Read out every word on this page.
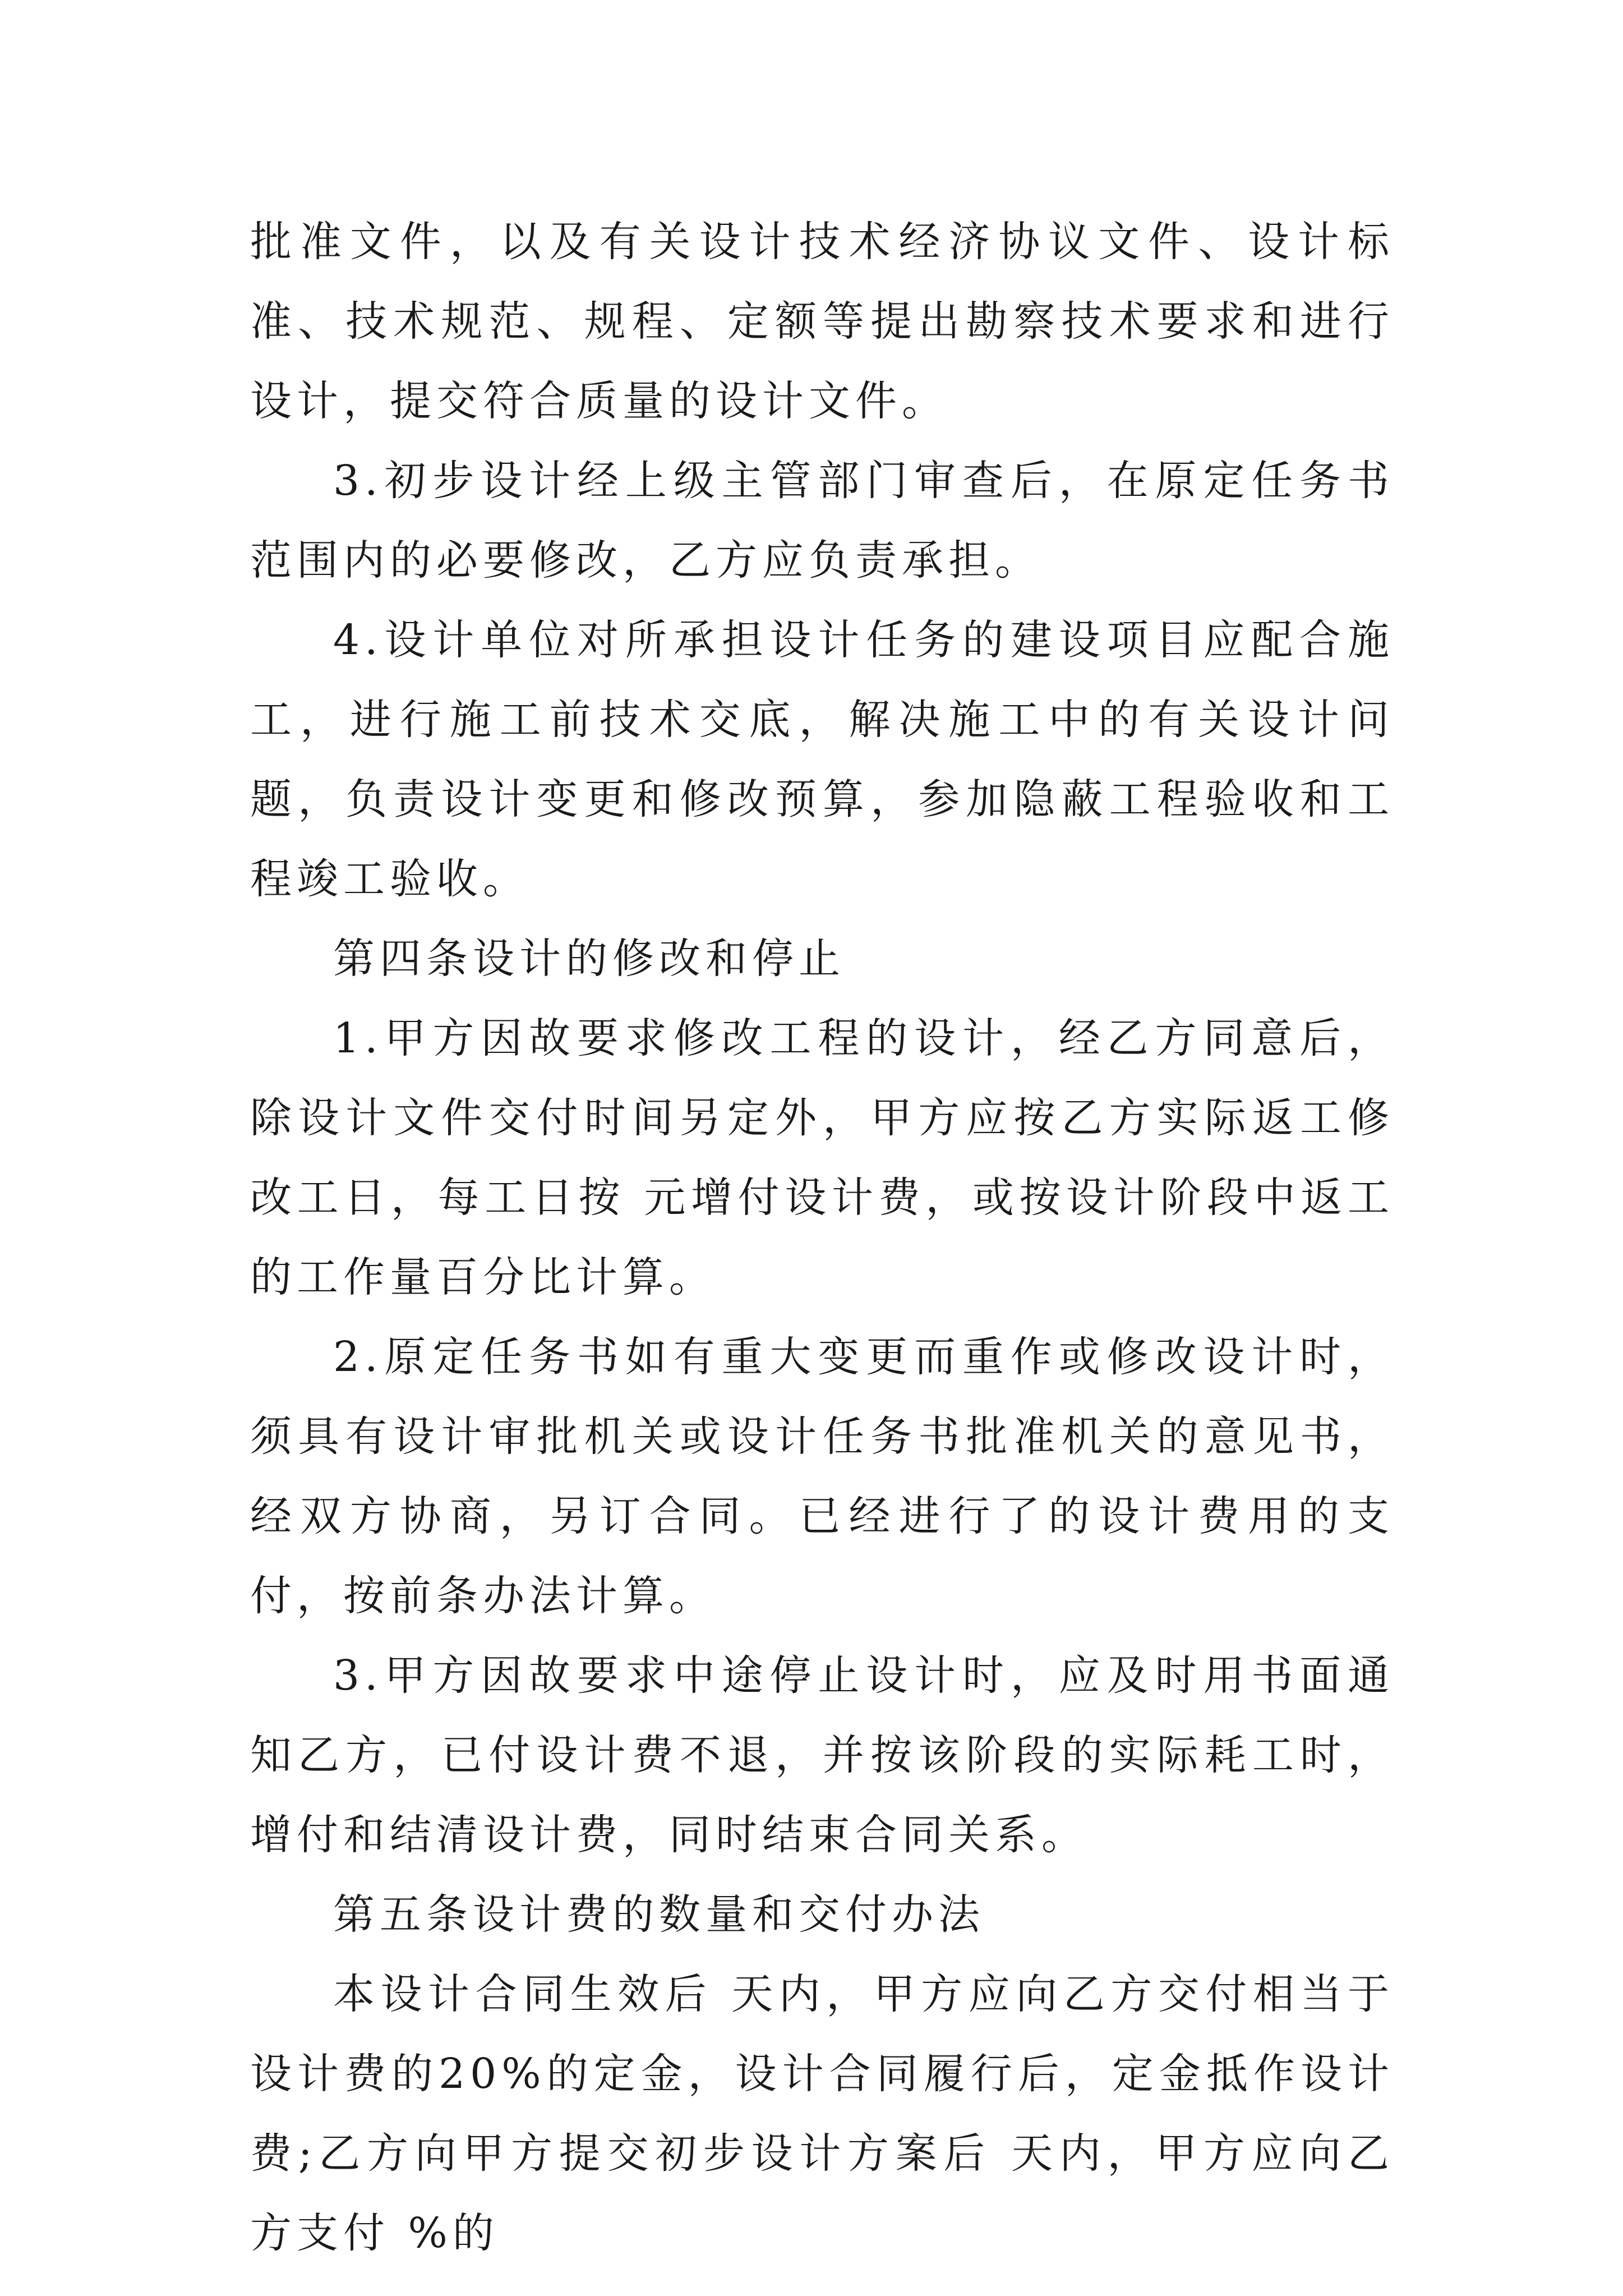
批准文件，以及有关设计技术经济协议文件、设计标准、技术规范、规程、定额等提出勘察技术要求和进行设计，提交符合质量的设计文件。

3.初步设计经上级主管部门审查后，在原定任务书范围内的必要修改，乙方应负责承担。

4.设计单位对所承担设计任务的建设项目应配合施工，进行施工前技术交底，解决施工中的有关设计问题，负责设计变更和修改预算，参加隐蔽工程验收和工程竣工验收。

第四条设计的修改和停止

1.甲方因故要求修改工程的设计，经乙方同意后，除设计文件交付时间另定外，甲方应按乙方实际返工修改工日，每工日按 元增付设计费，或按设计阶段中返工的工作量百分比计算。

2.原定任务书如有重大变更而重作或修改设计时，须具有设计审批机关或设计任务书批准机关的意见书，经双方协商，另订合同。已经进行了的设计费用的支付，按前条办法计算。

3.甲方因故要求中途停止设计时，应及时用书面通知乙方，已付设计费不退，并按该阶段的实际耗工时，增付和结清设计费，同时结束合同关系。

第五条设计费的数量和交付办法

本设计合同生效后 天内，甲方应向乙方交付相当于设计费的20%的定金，设计合同履行后，定金抵作设计费;乙方向甲方提交初步设计方案后 天内，甲方应向乙方支付 %的
